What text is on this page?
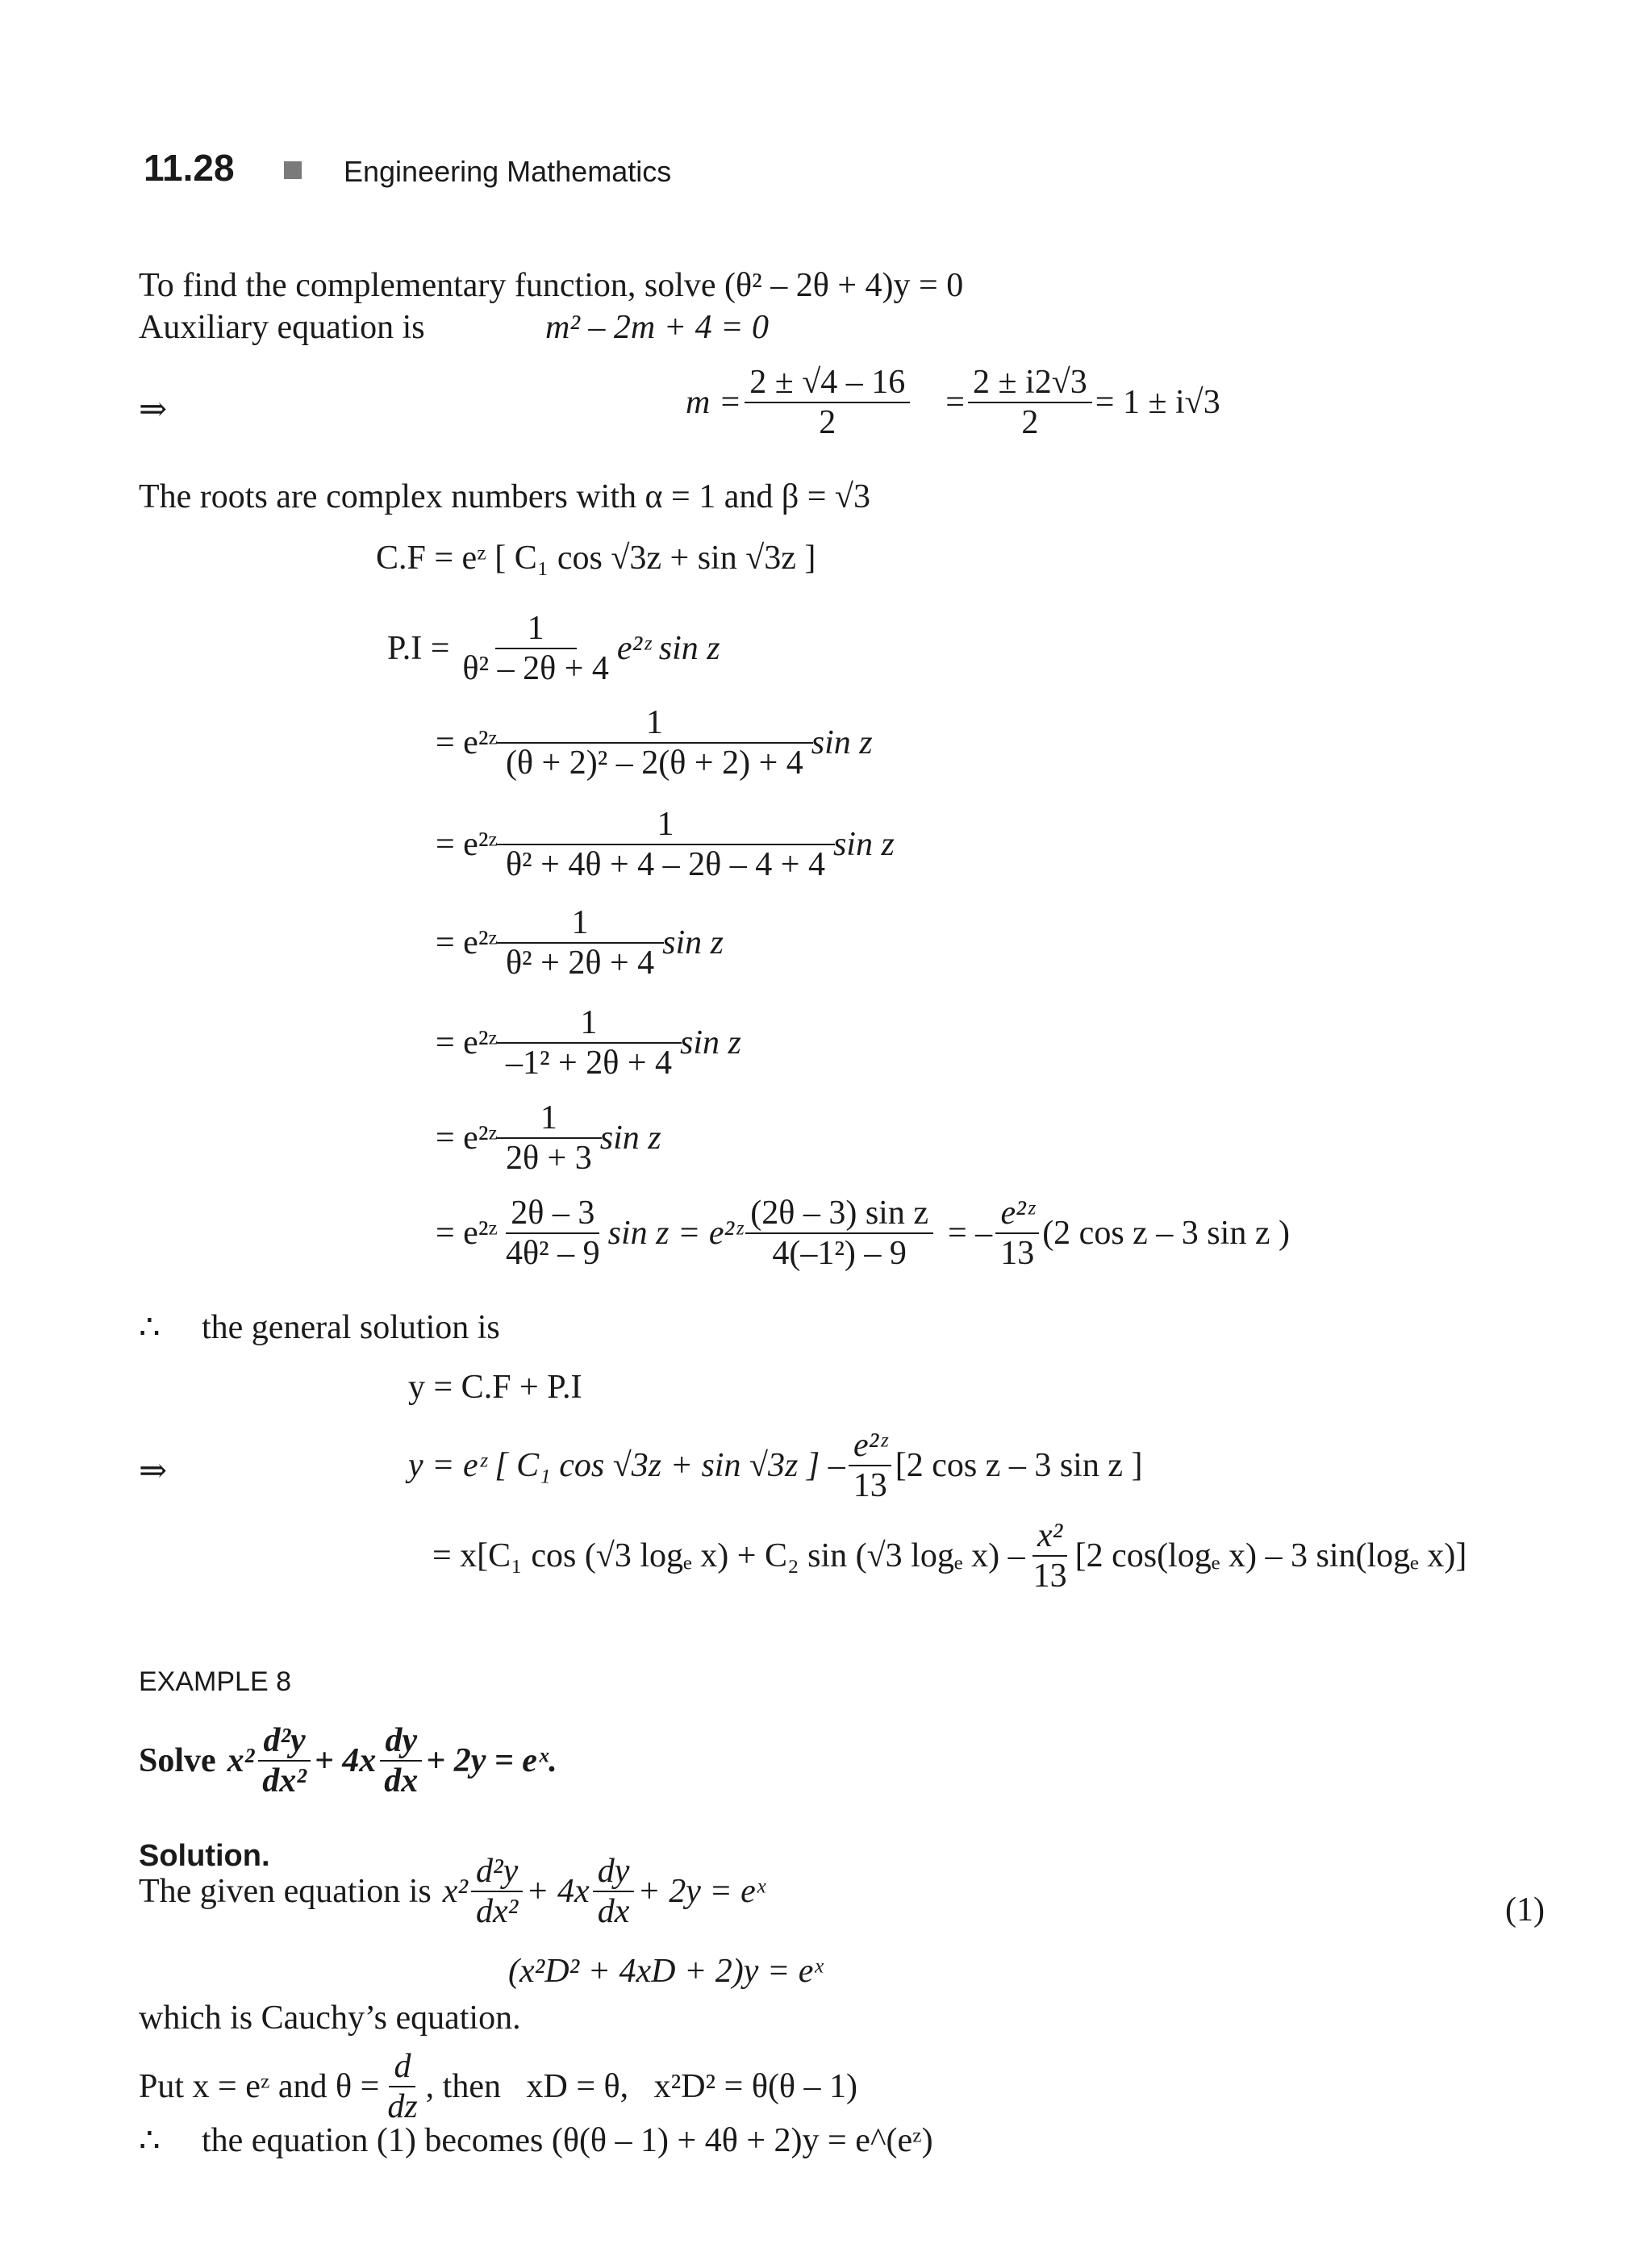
11.28	Engineering Mathematics
To find the complementary function, solve (θ² – 2θ + 4)y = 0
Auxiliary equation is	m² – 2m + 4 = 0
⇒	$m = \frac{2 \pm √4 - 16}{2} = \frac{2 \pm i2√3}{2} = 1 \pm i√3$
The roots are complex numbers with α = 1 and β = √3
C.F = eᶻ [ C₁ cos √3z + sin √3z ]
$P.I = \frac{1}{\text{θ² – 2θ + 4}}$ e²ᶻ sin z
= e²ᶻ $\frac{1}{\text{(θ + 2)² – 2(θ + 2) + 4}}$ sin z
= e²ᶻ $\frac{1}{\text{θ² + 4θ + 4 – 2θ – 4 + 4}}$ sin z
= e²ᶻ $\frac{1}{\text{θ² + 2θ + 4}}$ sin z
= e²ᶻ $\frac{1}{\text{–1² + 2θ + 4}}$ sin z
= e²ᶻ $\frac{1}{2\theta + 3}$ sin z
= e²ᶻ $\frac{2\theta - 3}{\text{4θ² – 9}}$ sin z = e²ᶻ $\frac{\text{(2θ – 3) sin z}}{\text{4(–1²) – 9}}$ = – $\frac{\text{e²ᶻ}}{13} (2$ cos z – 3 sin z )
∴ the general solution is
y = C.F + P.I
⇒	y = eᶻ [ C₁ cos √3z + sin √3z ] – $\frac{\text{e²ᶻ}}{13} [2$ cos z – 3 sin z ]
= x[C₁ cos (√3 logₑ x) + C₂ sin (√3 logₑ $x) - \frac{\text{x²}}{13} [2$ cos(logₑ x) – 3 sin(logₑ x)]
EXAMPLE 8
Solve $x^2 \frac{\text{d²y}}{\text{dx²}} + 4x \frac{dy}{dx} + 2y$ = eˣ.
Solution.
The given equation is $x^2 \frac{\text{d²y}}{\text{dx²}} + 4x \frac{dy}{dx} + 2y$ = eˣ	(1)
(x²D² + 4xD + 2)y = eˣ
which is Cauchy’s equation.
Put x = eᶻ and $\theta = \frac{d}{dz}$ , then   xD = θ,   x²D² = θ(θ – 1)
∴ the equation (1) becomes (θ(θ – 1) + 4θ + 2)y = e^(eᶻ)
